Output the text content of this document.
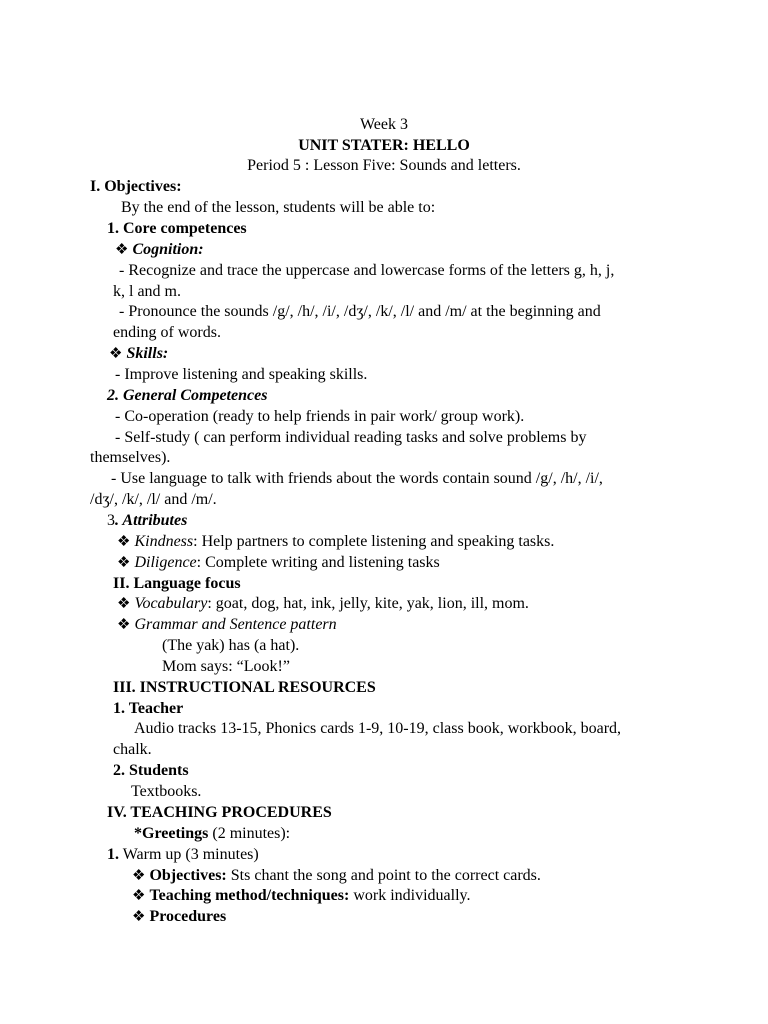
Week 3
UNIT STATER: HELLO
Period 5 : Lesson Five: Sounds and letters.
I. Objectives:
By the end of the lesson, students will be able to:
1. Core competences
❖ Cognition:
- Recognize and trace the uppercase and lowercase forms of the letters g, h, j,
k, l and m.
- Pronounce the sounds /g/, /h/, /i/, /dʒ/, /k/, /l/ and /m/ at the beginning and
ending of words.
❖ Skills:
- Improve listening and speaking skills.
2. General Competences
- Co-operation (ready to help friends in pair work/ group work).
- Self-study ( can perform individual reading tasks and solve problems by
themselves).
- Use language to talk with friends about the words contain sound /g/, /h/, /i/,
/dʒ/, /k/, /l/ and /m/.
3. Attributes
❖ Kindness: Help partners to complete listening and speaking tasks.
❖ Diligence: Complete writing and listening tasks
II. Language focus
❖ Vocabulary: goat, dog, hat, ink, jelly, kite, yak, lion, ill, mom.
❖ Grammar and Sentence pattern
(The yak) has (a hat).
Mom says: “Look!”
III. INSTRUCTIONAL RESOURCES
1. Teacher
Audio tracks 13-15, Phonics cards 1-9, 10-19, class book, workbook, board,
chalk.
2. Students
Textbooks.
IV. TEACHING PROCEDURES
*Greetings (2 minutes):
1. Warm up (3 minutes)
❖ Objectives: Sts chant the song and point to the correct cards.
❖ Teaching method/techniques: work individually.
❖ Procedures
